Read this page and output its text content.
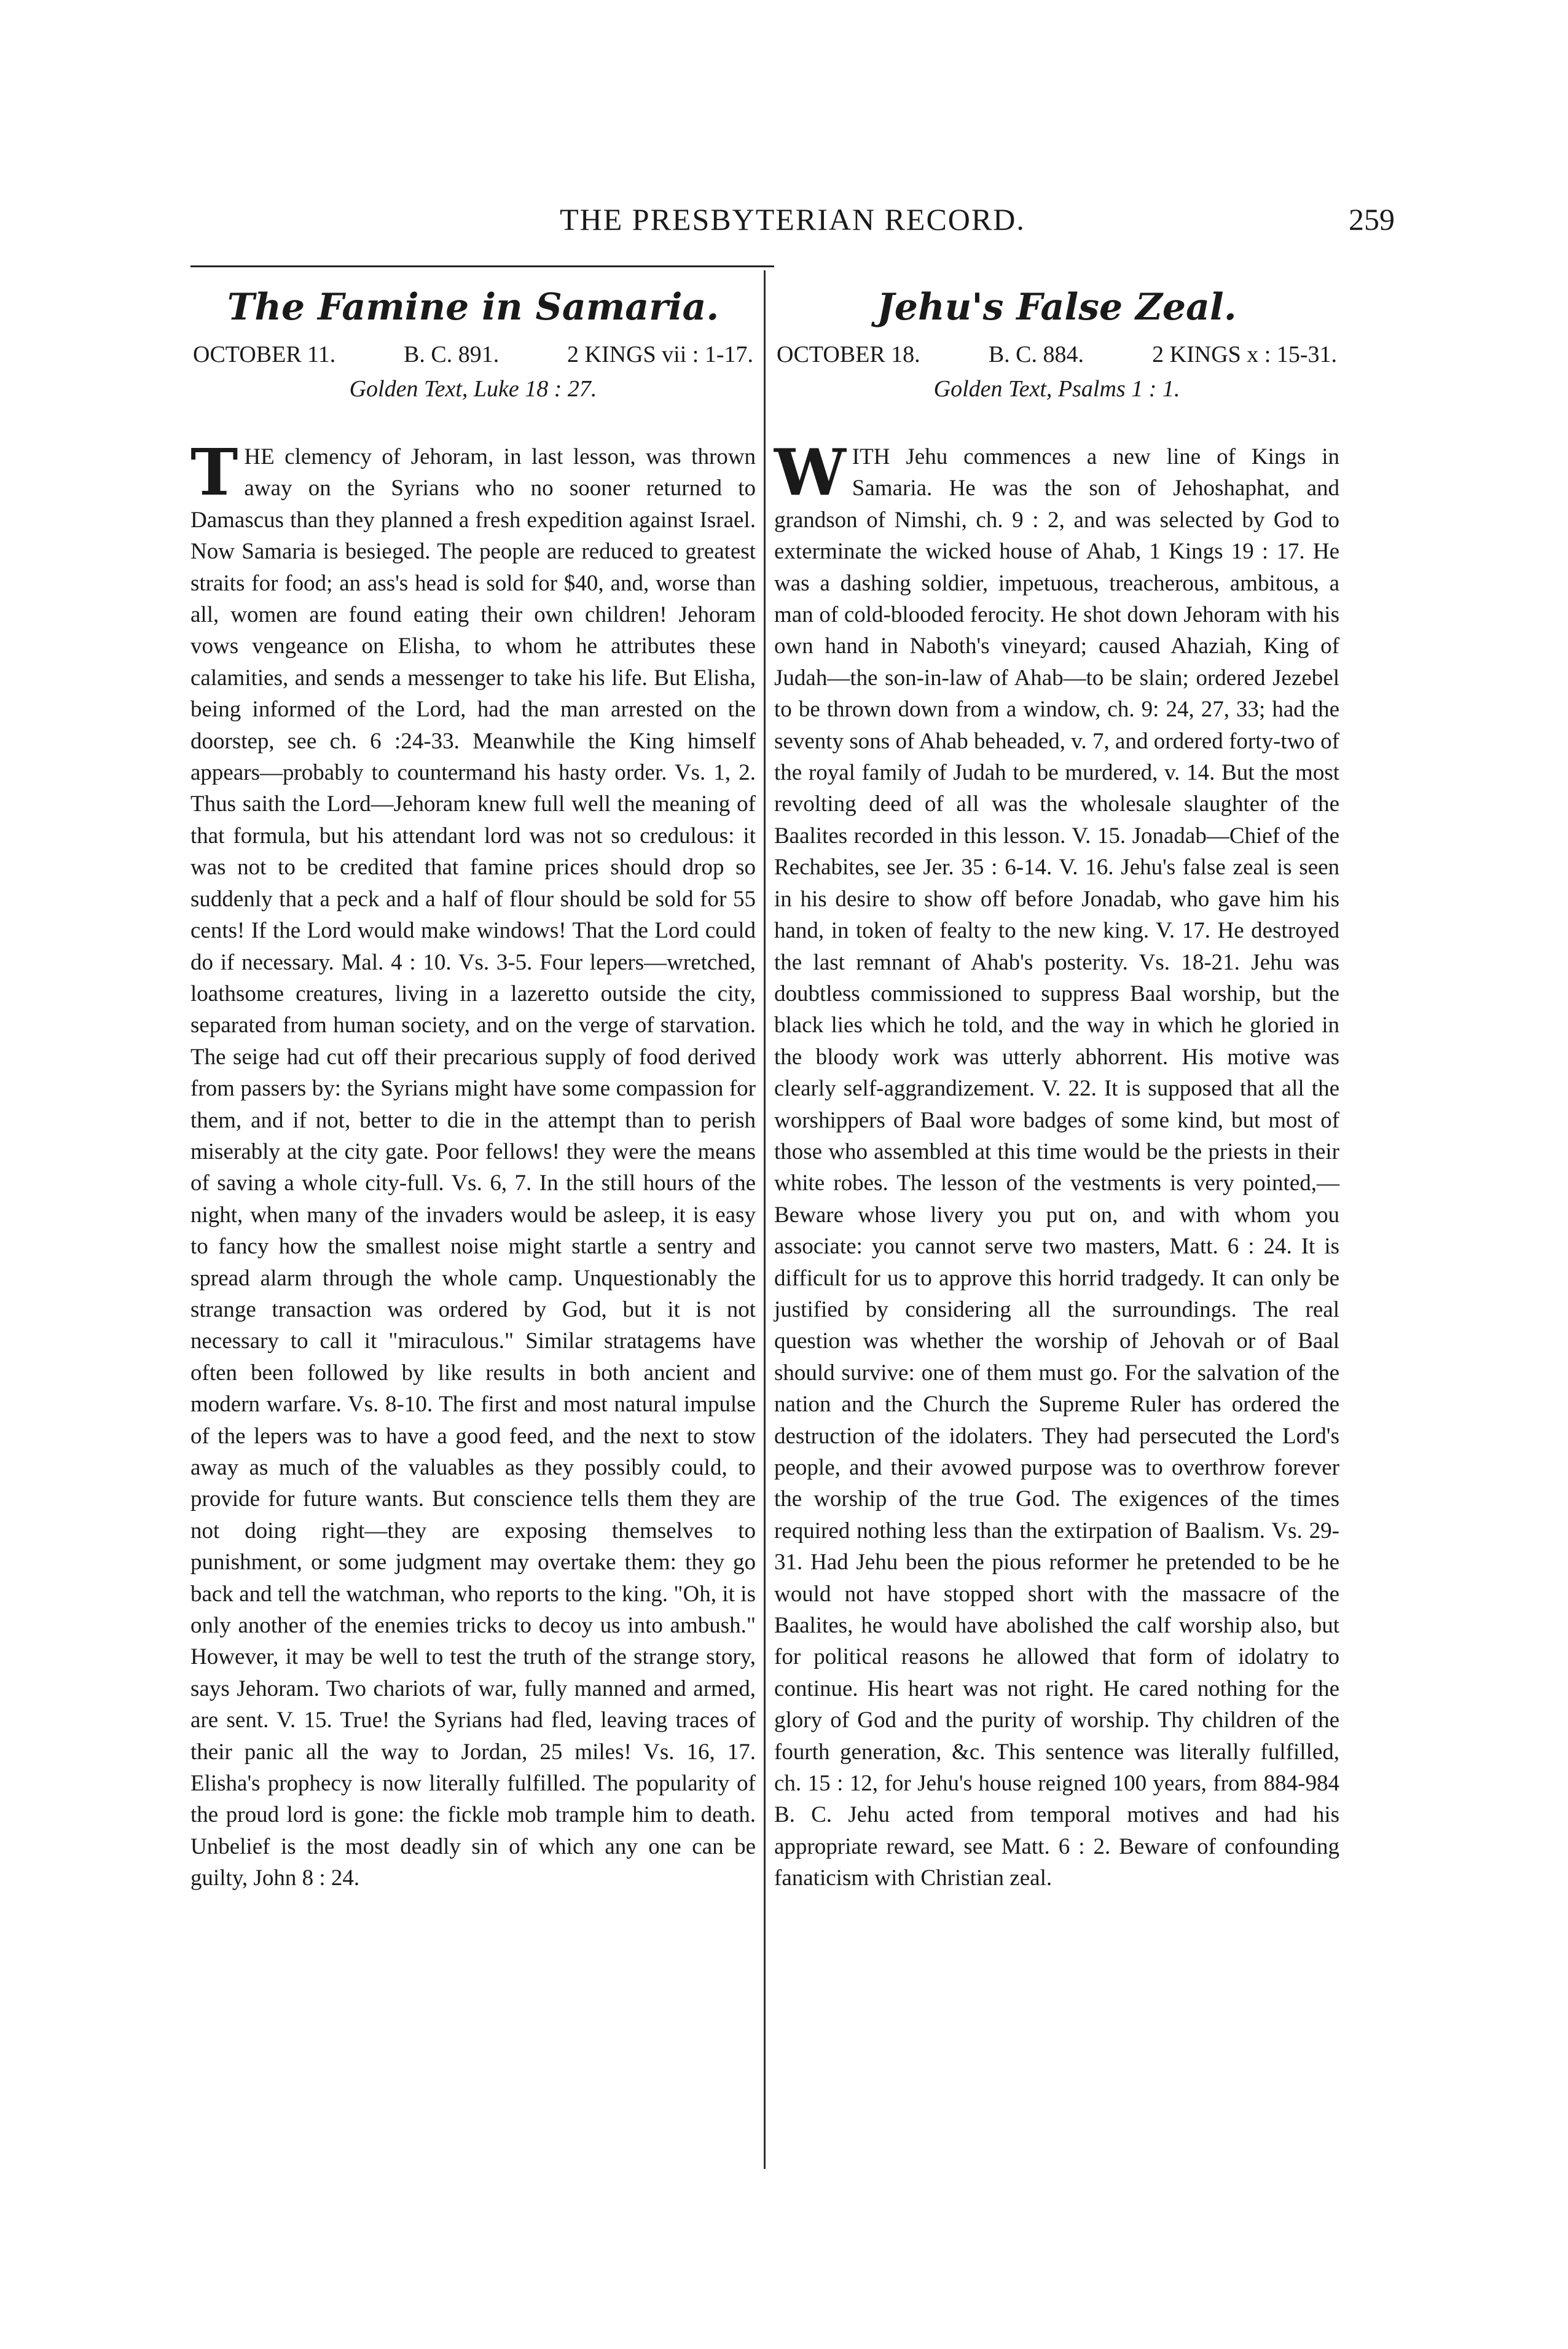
THE PRESBYTERIAN RECORD.	259
The Famine in Samaria.
OCTOBER 11.	B. C. 891.	2 KINGS vii : 1-17.
Golden Text, Luke 18 : 27.

THE clemency of Jehoram, in last lesson, was thrown away on the Syrians who no sooner returned to Damascus than they planned a fresh expedition against Israel. Now Samaria is besieged. The people are reduced to greatest straits for food; an ass's head is sold for $40, and, worse than all, women are found eating their own children! Jehoram vows vengeance on Elisha, to whom he attributes these calamities, and sends a messenger to take his life. But Elisha, being informed of the Lord, had the man arrested on the doorstep, see ch. 6 :24-33. Meanwhile the King himself appears—probably to countermand his hasty order. Vs. 1, 2. Thus saith the Lord—Jehoram knew full well the meaning of that formula, but his attendant lord was not so credulous: it was not to be credited that famine prices should drop so suddenly that a peck and a half of flour should be sold for 55 cents! If the Lord would make windows! That the Lord could do if necessary. Mal. 4 : 10. Vs. 3-5. Four lepers—wretched, loathsome creatures, living in a lazeretto outside the city, separated from human society, and on the verge of starvation. The seige had cut off their precarious supply of food derived from passers by: the Syrians might have some compassion for them, and if not, better to die in the attempt than to perish miserably at the city gate. Poor fellows! they were the means of saving a whole city-full. Vs. 6, 7. In the still hours of the night, when many of the invaders would be asleep, it is easy to fancy how the smallest noise might startle a sentry and spread alarm through the whole camp. Unquestionably the strange transaction was ordered by God, but it is not necessary to call it "miraculous." Similar stratagems have often been followed by like results in both ancient and modern warfare. Vs. 8-10. The first and most natural impulse of the lepers was to have a good feed, and the next to stow away as much of the valuables as they possibly could, to provide for future wants. But conscience tells them they are not doing right—they are exposing themselves to punishment, or some judgment may overtake them: they go back and tell the watchman, who reports to the king. "Oh, it is only another of the enemies tricks to decoy us into ambush." However, it may be well to test the truth of the strange story, says Jehoram. Two chariots of war, fully manned and armed, are sent. V. 15. True! the Syrians had fled, leaving traces of their panic all the way to Jordan, 25 miles! Vs. 16, 17. Elisha's prophecy is now literally fulfilled. The popularity of the proud lord is gone: the fickle mob trample him to death. Unbelief is the most deadly sin of which any one can be guilty, John 8 : 24.

Jehu's False Zeal.
OCTOBER 18.	B. C. 884.	2 KINGS x : 15-31.
Golden Text, Psalms 1 : 1.

WITH Jehu commences a new line of Kings in Samaria. He was the son of Jehoshaphat, and grandson of Nimshi, ch. 9 : 2, and was selected by God to exterminate the wicked house of Ahab, 1 Kings 19 : 17. He was a dashing soldier, impetuous, treacherous, ambitous, a man of cold-blooded ferocity. He shot down Jehoram with his own hand in Naboth's vineyard; caused Ahaziah, King of Judah—the son-in-law of Ahab—to be slain; ordered Jezebel to be thrown down from a window, ch. 9: 24, 27, 33; had the seventy sons of Ahab beheaded, v. 7, and ordered forty-two of the royal family of Judah to be murdered, v. 14. But the most revolting deed of all was the wholesale slaughter of the Baalites recorded in this lesson. V. 15. Jonadab—Chief of the Rechabites, see Jer. 35 : 6-14. V. 16. Jehu's false zeal is seen in his desire to show off before Jonadab, who gave him his hand, in token of fealty to the new king. V. 17. He destroyed the last remnant of Ahab's posterity. Vs. 18-21. Jehu was doubtless commissioned to suppress Baal worship, but the black lies which he told, and the way in which he gloried in the bloody work was utterly abhorrent. His motive was clearly self-aggrandizement. V. 22. It is supposed that all the worshippers of Baal wore badges of some kind, but most of those who assembled at this time would be the priests in their white robes. The lesson of the vestments is very pointed,—Beware whose livery you put on, and with whom you associate: you cannot serve two masters, Matt. 6 : 24. It is difficult for us to approve this horrid tradgedy. It can only be justified by considering all the surroundings. The real question was whether the worship of Jehovah or of Baal should survive: one of them must go. For the salvation of the nation and the Church the Supreme Ruler has ordered the destruction of the idolaters. They had persecuted the Lord's people, and their avowed purpose was to overthrow forever the worship of the true God. The exigences of the times required nothing less than the extirpation of Baalism. Vs. 29-31. Had Jehu been the pious reformer he pretended to be he would not have stopped short with the massacre of the Baalites, he would have abolished the calf worship also, but for political reasons he allowed that form of idolatry to continue. His heart was not right. He cared nothing for the glory of God and the purity of worship. Thy children of the fourth generation, &c. This sentence was literally fulfilled, ch. 15 : 12, for Jehu's house reigned 100 years, from 884-984 B. C. Jehu acted from temporal motives and had his appropriate reward, see Matt. 6 : 2. Beware of confounding fanaticism with Christian zeal.
